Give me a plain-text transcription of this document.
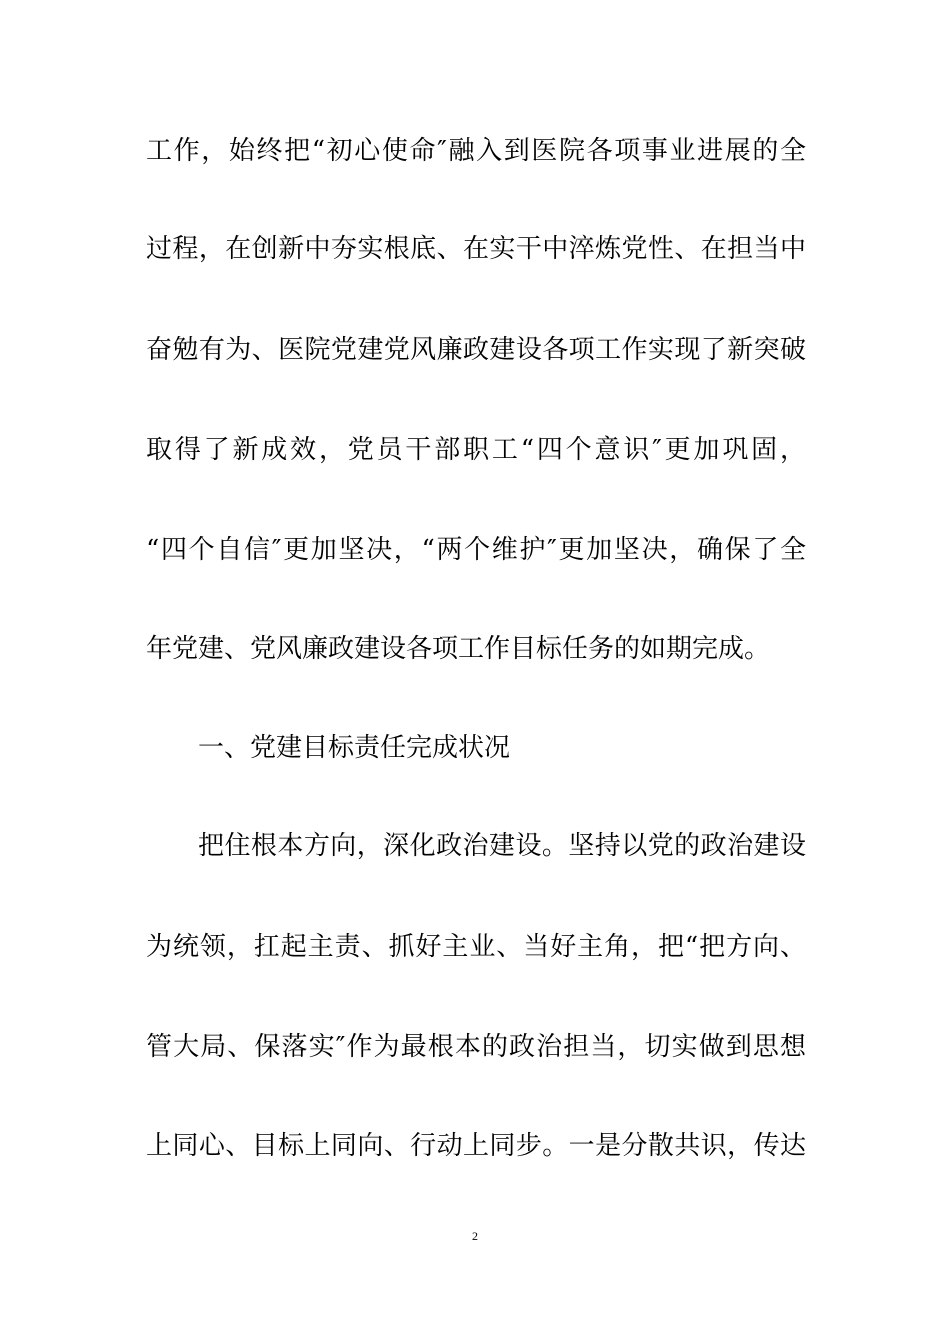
工作，始终把“初心使命″融入到医院各项事业进展的全
过程，在创新中夯实根底、在实干中淬炼党性、在担当中
奋勉有为、医院党建党风廉政建设各项工作实现了新突破
取得了新成效，党员干部职工“四个意识″更加巩固，
“四个自信″更加坚决，“两个维护″更加坚决，确保了全
年党建、党风廉政建设各项工作目标任务的如期完成。
一、党建目标责任完成状况
把住根本方向，深化政治建设。坚持以党的政治建设
为统领，扛起主责、抓好主业、当好主角，把“把方向、
管大局、保落实″作为最根本的政治担当，切实做到思想
上同心、目标上同向、行动上同步。一是分散共识，传达
2
